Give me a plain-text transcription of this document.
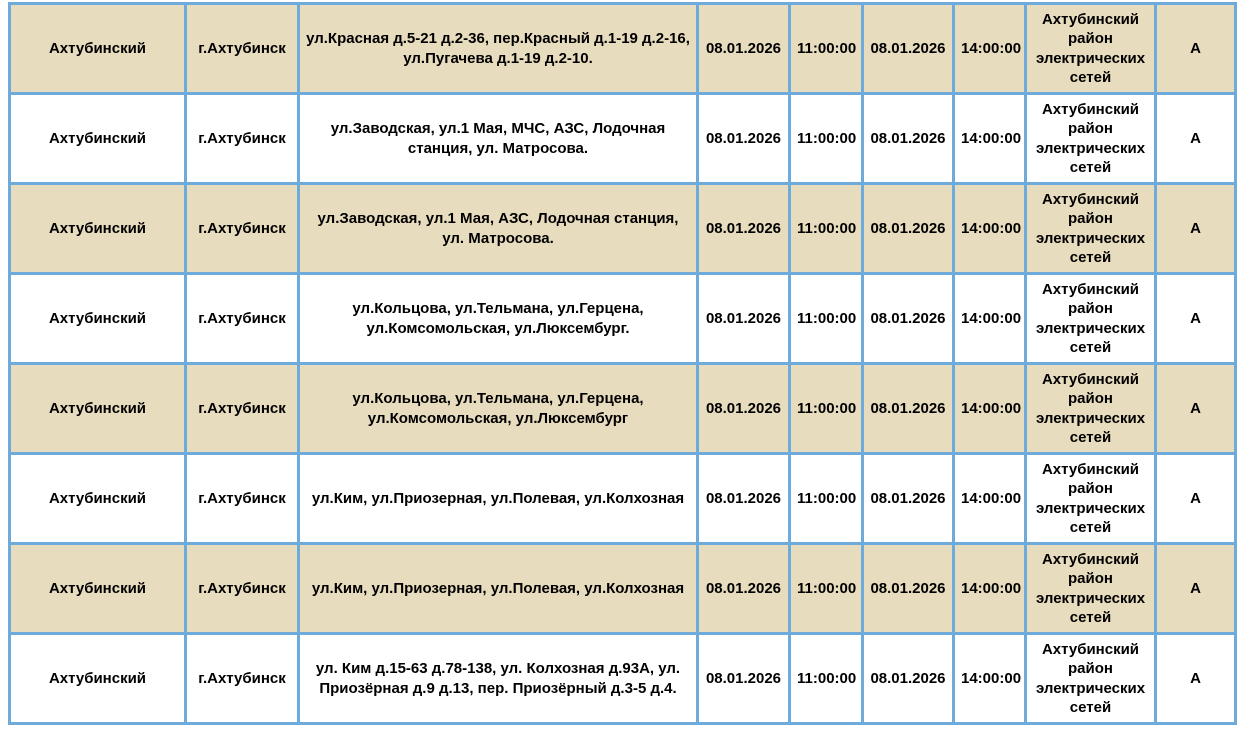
Ахтубинский	г.Ахтубинск	ул.Красная д.5-21 д.2-36, пер.Красный д.1-19 д.2-16, ул.Пугачева д.1-19 д.2-10.	08.01.2026	11:00:00	08.01.2026	14:00:00	Ахтубинский район электрических сетей	А
Ахтубинский	г.Ахтубинск	ул.Заводская, ул.1 Мая, МЧС, АЗС, Лодочная станция, ул. Матросова.	08.01.2026	11:00:00	08.01.2026	14:00:00	Ахтубинский район электрических сетей	А
Ахтубинский	г.Ахтубинск	ул.Заводская, ул.1 Мая, АЗС, Лодочная станция, ул. Матросова.	08.01.2026	11:00:00	08.01.2026	14:00:00	Ахтубинский район электрических сетей	А
Ахтубинский	г.Ахтубинск	ул.Кольцова, ул.Тельмана, ул.Герцена, ул.Комсомольская, ул.Люксембург.	08.01.2026	11:00:00	08.01.2026	14:00:00	Ахтубинский район электрических сетей	А
Ахтубинский	г.Ахтубинск	ул.Кольцова, ул.Тельмана, ул.Герцена, ул.Комсомольская, ул.Люксембург	08.01.2026	11:00:00	08.01.2026	14:00:00	Ахтубинский район электрических сетей	А
Ахтубинский	г.Ахтубинск	ул.Ким, ул.Приозерная, ул.Полевая, ул.Колхозная	08.01.2026	11:00:00	08.01.2026	14:00:00	Ахтубинский район электрических сетей	А
Ахтубинский	г.Ахтубинск	ул.Ким, ул.Приозерная, ул.Полевая, ул.Колхозная	08.01.2026	11:00:00	08.01.2026	14:00:00	Ахтубинский район электрических сетей	А
Ахтубинский	г.Ахтубинск	ул. Ким д.15-63 д.78-138, ул. Колхозная д.93А, ул. Приозёрная д.9 д.13, пер. Приозёрный д.3-5 д.4.	08.01.2026	11:00:00	08.01.2026	14:00:00	Ахтубинский район электрических сетей	А
